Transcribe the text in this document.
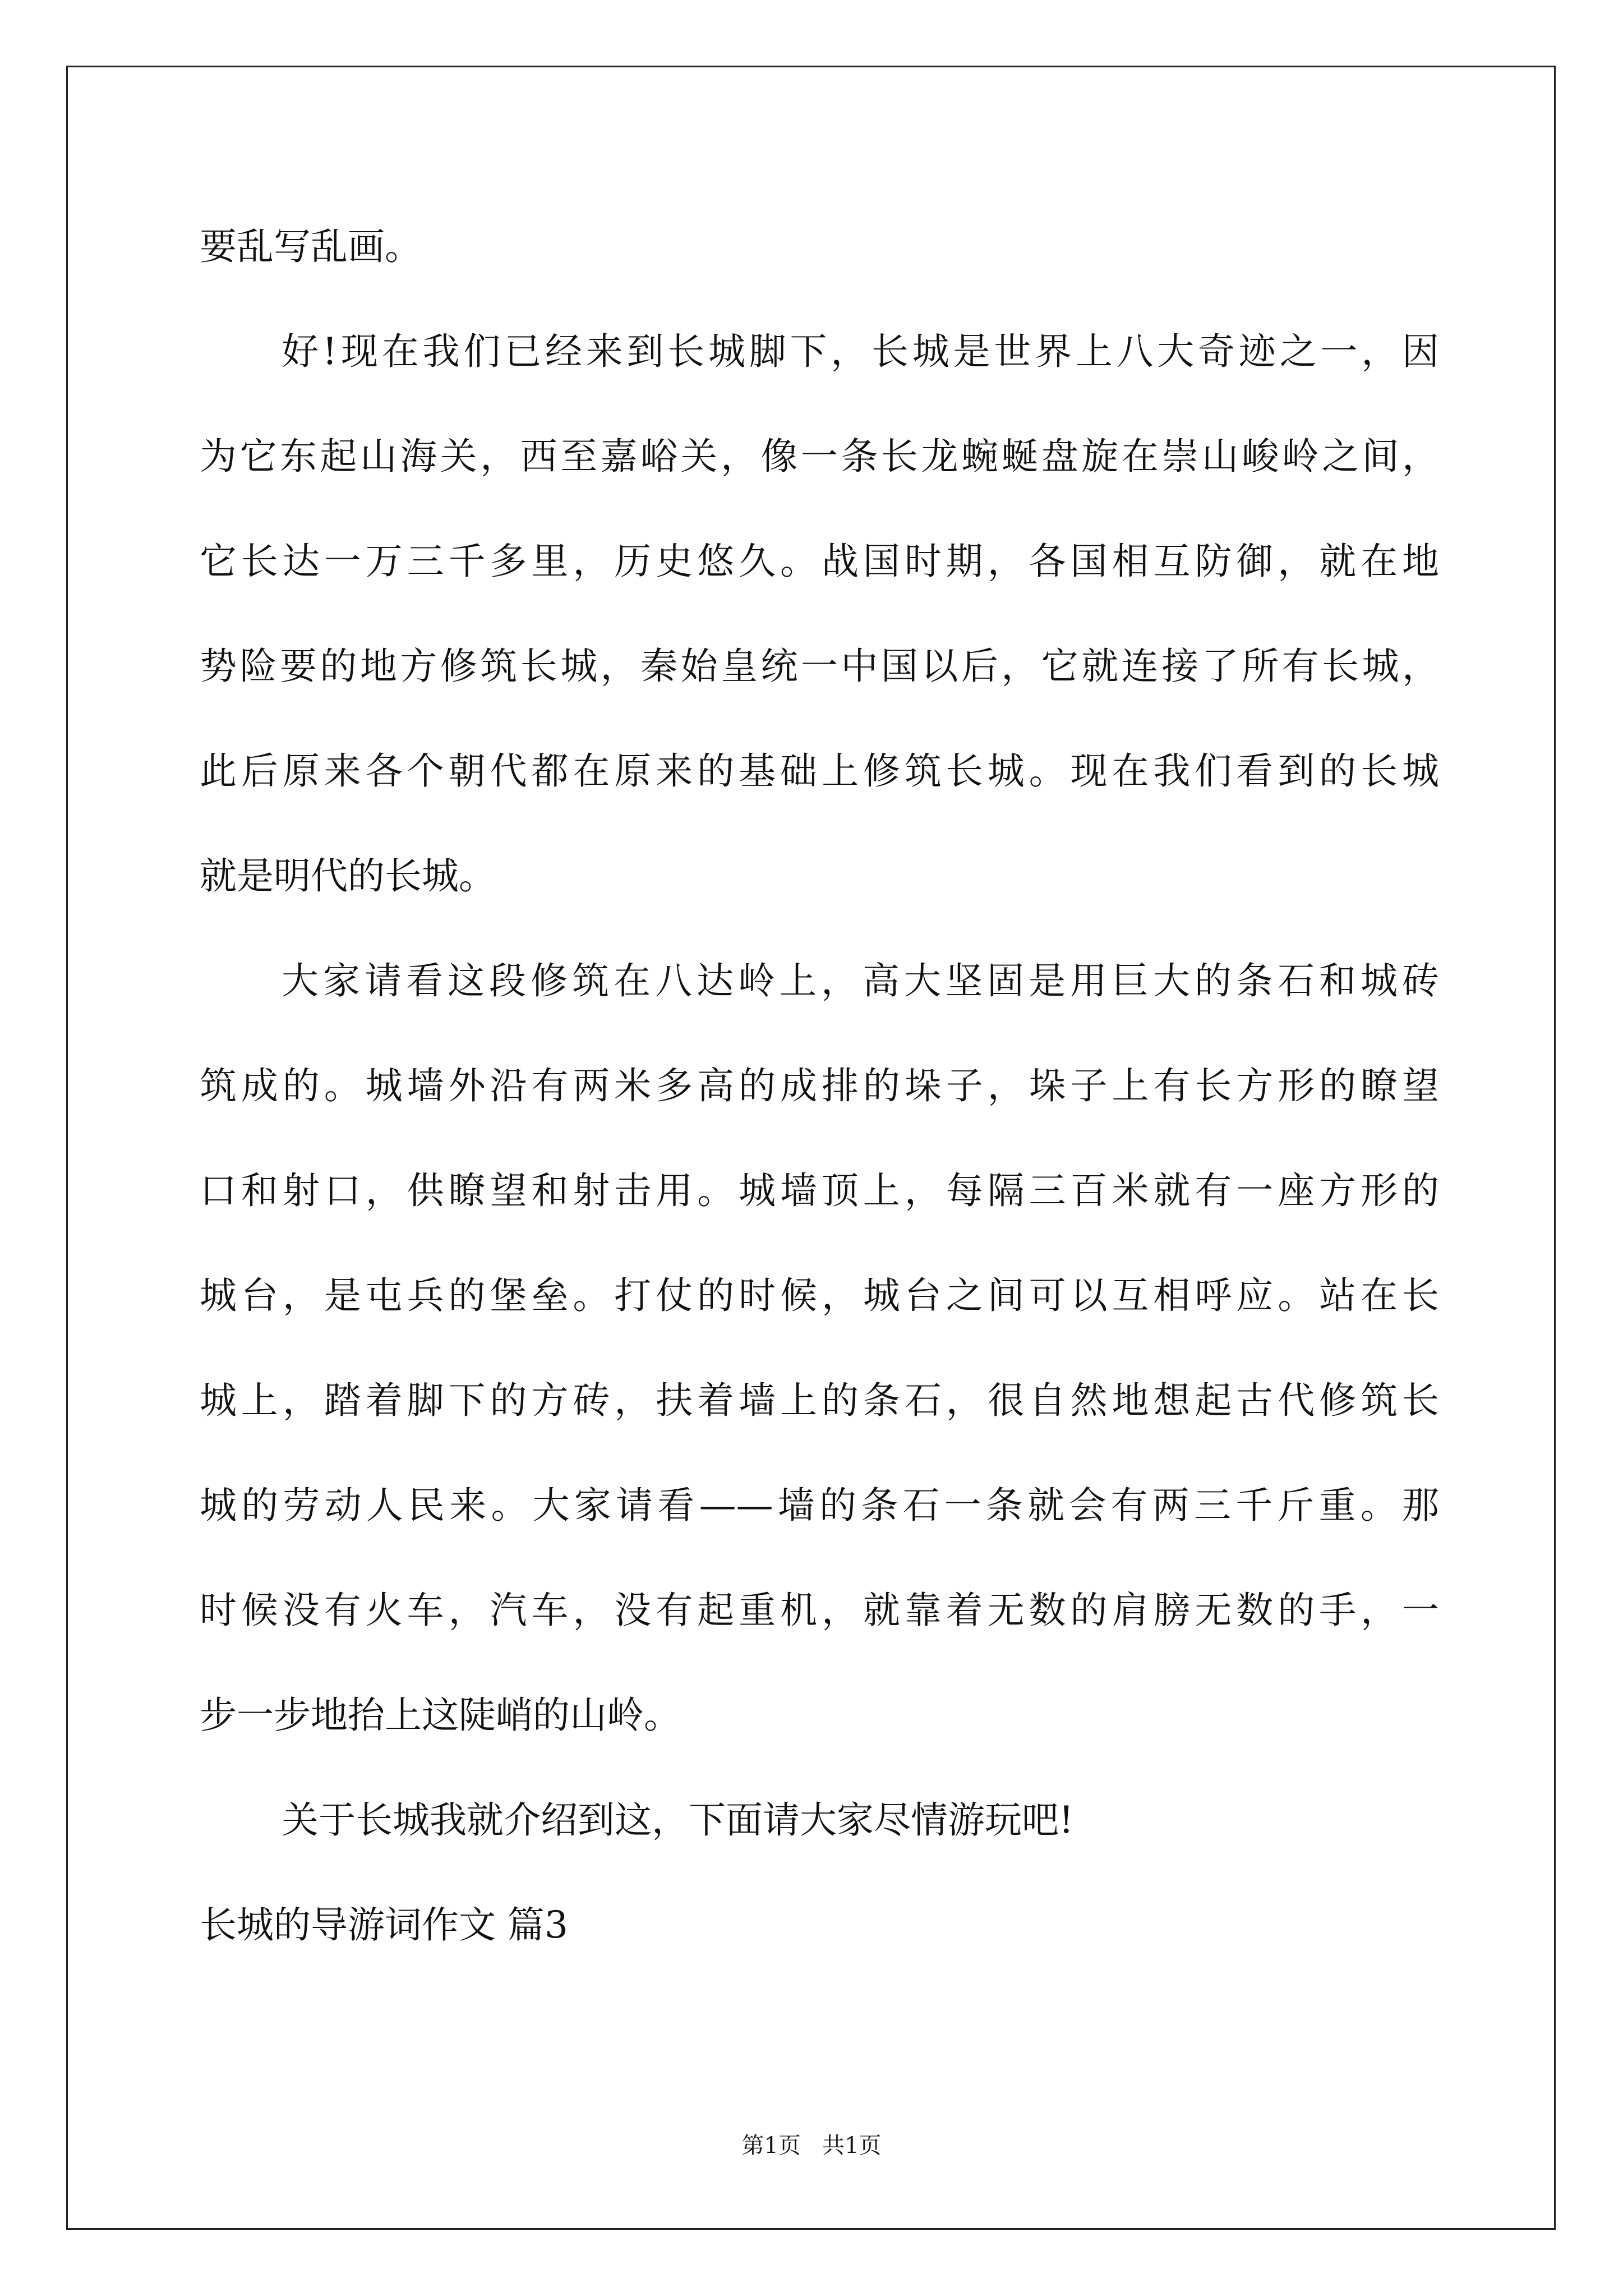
要乱写乱画。
好!现在我们已经来到长城脚下，长城是世界上八大奇迹之一，因
为它东起山海关，西至嘉峪关，像一条长龙蜿蜒盘旋在崇山峻岭之间，
它长达一万三千多里，历史悠久。战国时期，各国相互防御，就在地
势险要的地方修筑长城，秦始皇统一中国以后，它就连接了所有长城，
此后原来各个朝代都在原来的基础上修筑长城。现在我们看到的长城
就是明代的长城。
大家请看这段修筑在八达岭上，高大坚固是用巨大的条石和城砖
筑成的。城墙外沿有两米多高的成排的垛子，垛子上有长方形的瞭望
口和射口，供瞭望和射击用。城墙顶上，每隔三百米就有一座方形的
城台，是屯兵的堡垒。打仗的时候，城台之间可以互相呼应。站在长
城上，踏着脚下的方砖，扶着墙上的条石，很自然地想起古代修筑长
城的劳动人民来。大家请看——墙的条石一条就会有两三千斤重。那
时候没有火车，汽车，没有起重机，就靠着无数的肩膀无数的手，一
步一步地抬上这陡峭的山岭。
关于长城我就介绍到这，下面请大家尽情游玩吧!
长城的导游词作文 篇3
第1页   共1页
